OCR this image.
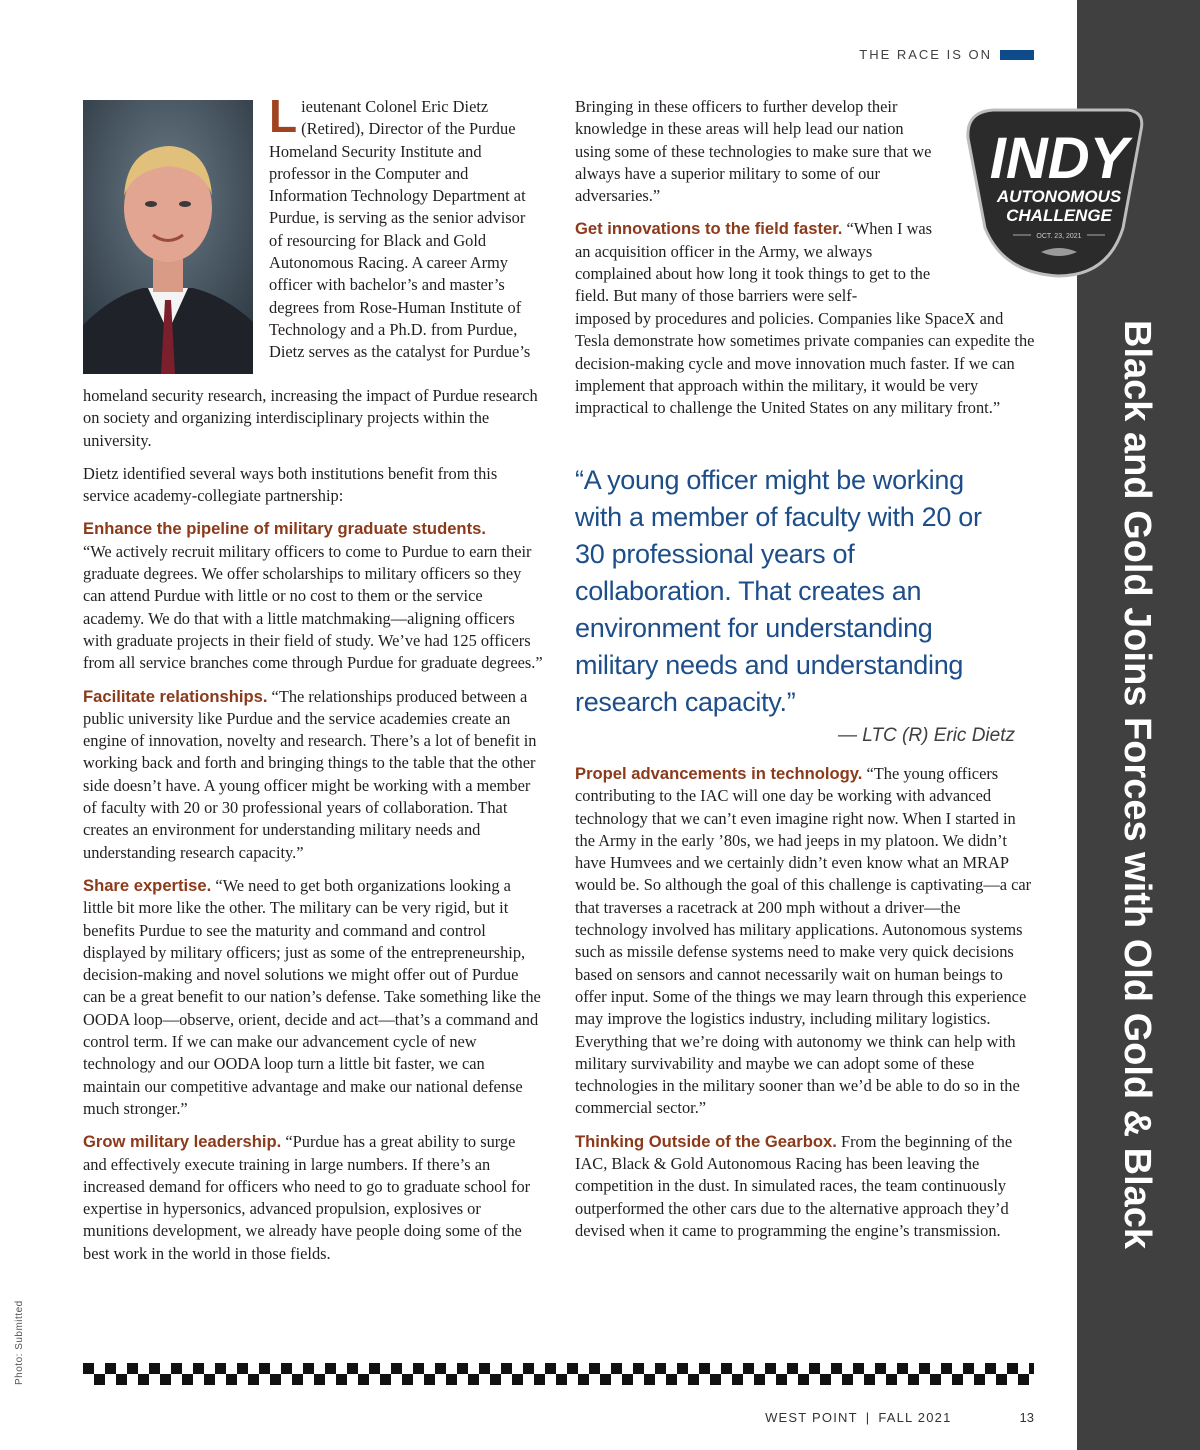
Black and Gold Joins Forces with Old Gold & Black
THE RACE IS ON
INDY
AUTONOMOUS
CHALLENGE
OCT. 23, 2021
Lieutenant Colonel Eric Dietz (Retired), Director of the Purdue Homeland Security Institute and professor in the Computer and Information Technology Department at Purdue, is serving as the senior advisor of resourcing for Black and Gold Autonomous Racing. A career Army officer with bachelor’s and master’s degrees from Rose-Human Institute of Technology and a Ph.D. from Purdue, Dietz serves as the catalyst for Purdue’s

homeland security research, increasing the impact of Purdue research on society and organizing interdisciplinary projects within the university.

Dietz identified several ways both institutions benefit from this service academy-collegiate partnership:

Enhance the pipeline of military graduate students.
“We actively recruit military officers to come to Purdue to earn their graduate degrees. We offer scholarships to military officers so they can attend Purdue with little or no cost to them or the service academy. We do that with a little matchmaking—aligning officers with graduate projects in their field of study. We’ve had 125 officers from all service branches come through Purdue for graduate degrees.”

Facilitate relationships. “The relationships produced between a public university like Purdue and the service academies create an engine of innovation, novelty and research. There’s a lot of benefit in working back and forth and bringing things to the table that the other side doesn’t have. A young officer might be working with a member of faculty with 20 or 30 professional years of collaboration. That creates an environment for understanding military needs and understanding research capacity.”

Share expertise. “We need to get both organizations looking a little bit more like the other. The military can be very rigid, but it benefits Purdue to see the maturity and command and control displayed by military officers; just as some of the entrepreneurship, decision-making and novel solutions we might offer out of Purdue can be a great benefit to our nation’s defense. Take something like the OODA loop—observe, orient, decide and act—that’s a command and control term. If we can make our advancement cycle of new technology and our OODA loop turn a little bit faster, we can maintain our competitive advantage and make our national defense much stronger.”

Grow military leadership. “Purdue has a great ability to surge and effectively execute training in large numbers. If there’s an increased demand for officers who need to go to graduate school for expertise in hypersonics, advanced propulsion, explosives or munitions development, we already have people doing some of the best work in the world in those fields.

Bringing in these officers to further develop their knowledge in these areas will help lead our nation using some of these technologies to make sure that we always have a superior military to some of our adversaries.”

Get innovations to the field faster. “When I was an acquisition officer in the Army, we always complained about how long it took things to get to the field. But many of those barriers were self-

imposed by procedures and policies. Companies like SpaceX and Tesla demonstrate how sometimes private companies can expedite the decision-making cycle and move innovation much faster. If we can implement that approach within the military, it would be very impractical to challenge the United States on any military front.”

“A young officer might be working with a member of faculty with 20 or 30 professional years of collaboration. That creates an environment for understanding military needs and understanding research capacity.”
— LTC (R) Eric Dietz

Propel advancements in technology. “The young officers contributing to the IAC will one day be working with advanced technology that we can’t even imagine right now. When I started in the Army in the early ’80s, we had jeeps in my platoon. We didn’t have Humvees and we certainly didn’t even know what an MRAP would be. So although the goal of this challenge is captivating—a car that traverses a racetrack at 200 mph without a driver—the technology involved has military applications. Autonomous systems such as missile defense systems need to make very quick decisions based on sensors and cannot necessarily wait on human beings to offer input. Some of the things we may learn through this experience may improve the logistics industry, including military logistics. Everything that we’re doing with autonomy we think can help with military survivability and maybe we can adopt some of these technologies in the military sooner than we’d be able to do so in the commercial sector.”

Thinking Outside of the Gearbox. From the beginning of the IAC, Black & Gold Autonomous Racing has been leaving the competition in the dust. In simulated races, the team continuously outperformed the other cars due to the alternative approach they’d devised when it came to programming the engine’s transmission.

Photo: Submitted
WEST POINT | FALL 2021	13
